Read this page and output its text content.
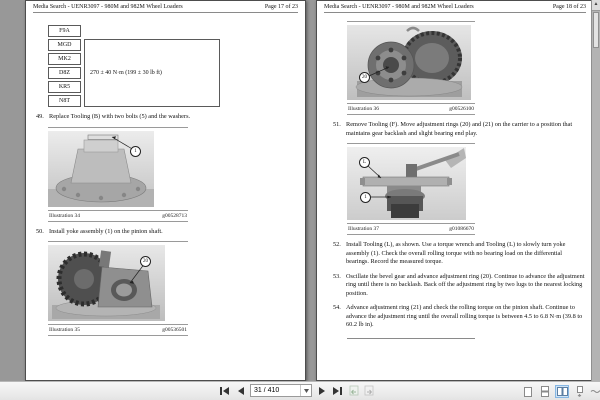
Media Search - UENR3097 - 980M and 982M Wheel Loaders	Page 17 of 23
F9A
270 ± 40 N·m (199 ± 30 lb ft)
MGD
MK2
D8Z
KR5
N8T
49. Replace Tooling (B) with two bolts (5) and the washers.
1
Illustration 34	g00528713
50. Install yoke assembly (1) on the pinion shaft.
20
Illustration 35	g00536501
Media Search - UENR3097 - 980M and 982M Wheel Loaders	Page 18 of 23
20
Illustration 36	g00526100
51. Remove Tooling (F). Move adjustment rings (20) and (21) on the carrier to a position that maintains gear backlash and slight bearing end play.
L
1
Illustration 37	g01086670
52. Install Tooling (L), as shown. Use a torque wrench and Tooling (L) to slowly turn yoke assembly (1). Check the overall rolling torque with no bearing load on the differential bearings. Record the measured torque.
53. Oscillate the bevel gear and advance adjustment ring (20). Continue to advance the adjustment ring until there is no backlash. Back off the adjustment ring by two lugs to the nearest locking position.
54. Advance adjustment ring (21) and check the rolling torque on the pinion shaft. Continue to advance the adjustment ring until the overall rolling torque is between 4.5 to 6.8 N·m (39.8 to 60.2 lb in).
▲
31 / 410
